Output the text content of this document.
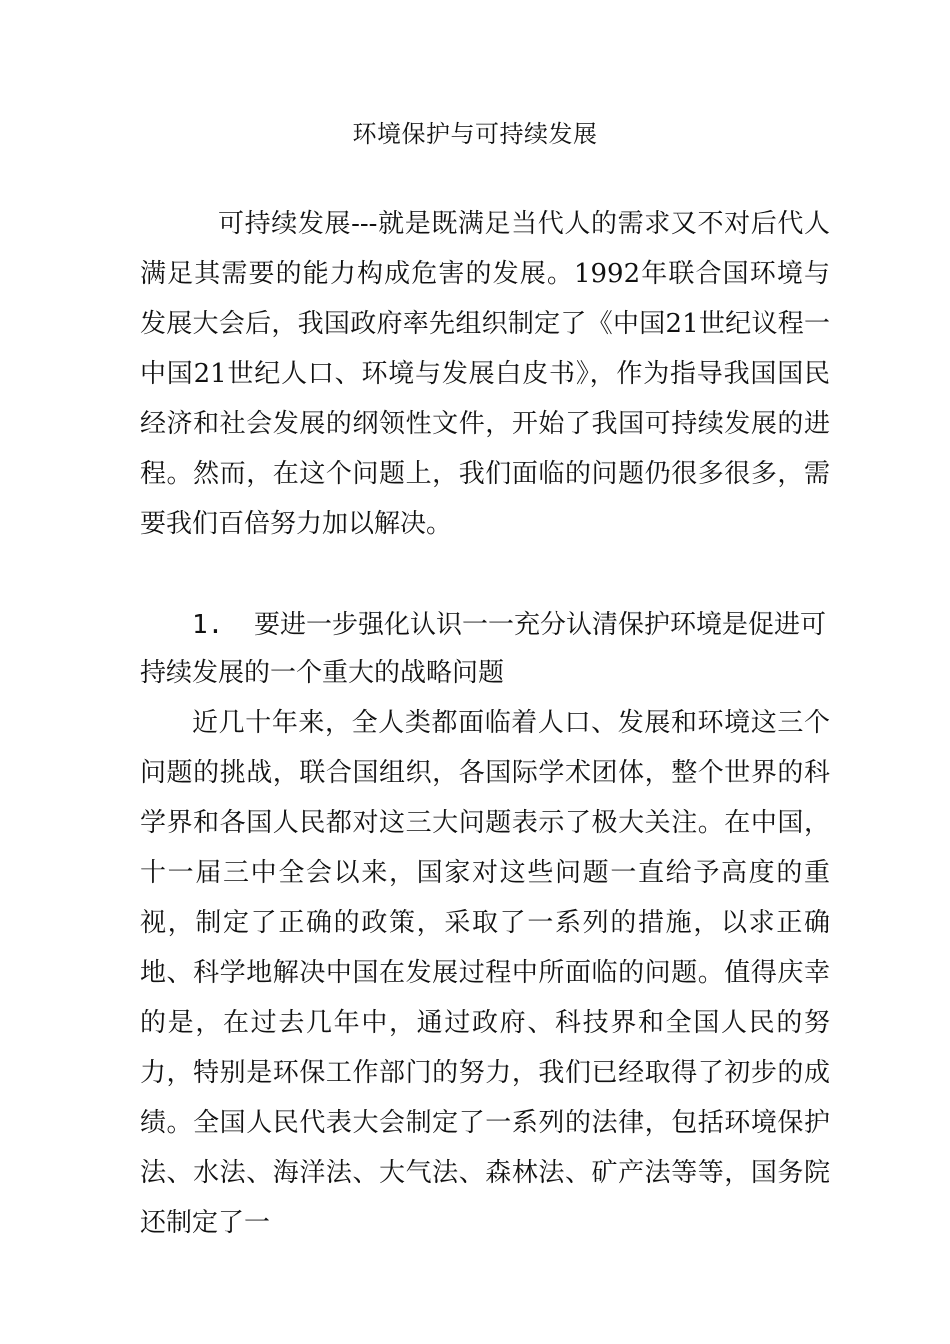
环境保护与可持续发展

可持续发展---就是既满足当代人的需求又不对后代人满足其需要的能力构成危害的发展。1992年联合国环境与发展大会后，我国政府率先组织制定了《中国21世纪议程一中国21世纪人口、环境与发展白皮书》，作为指导我国国民经济和社会发展的纲领性文件，开始了我国可持续发展的进程。然而，在这个问题上，我们面临的问题仍很多很多，需要我们百倍努力加以解决。

1. 要进一步强化认识一一充分认清保护环境是促进可持续发展的一个重大的战略问题

近几十年来，全人类都面临着人口、发展和环境这三个问题的挑战，联合国组织，各国际学术团体，整个世界的科学界和各国人民都对这三大问题表示了极大关注。在中国，十一届三中全会以来，国家对这些问题一直给予高度的重视，制定了正确的政策，采取了一系列的措施，以求正确地、科学地解决中国在发展过程中所面临的问题。值得庆幸的是，在过去几年中，通过政府、科技界和全国人民的努力，特别是环保工作部门的努力，我们已经取得了初步的成绩。全国人民代表大会制定了一系列的法律，包括环境保护法、水法、海洋法、大气法、森林法、矿产法等等，国务院还制定了一
